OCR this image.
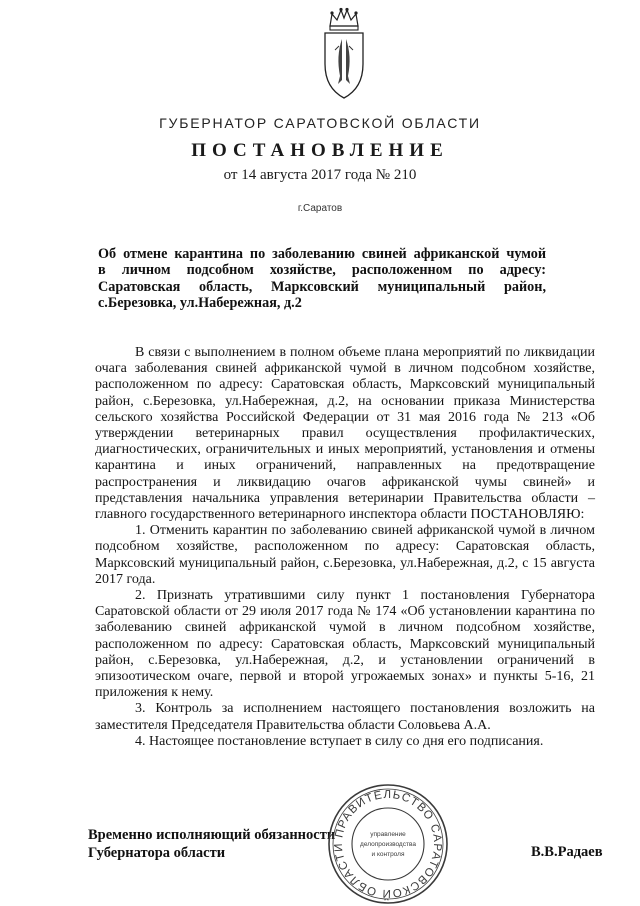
ГУБЕРНАТОР САРАТОВСКОЙ ОБЛАСТИ
ПОСТАНОВЛЕНИЕ
от 14 августа 2017 года № 210
г.Саратов
Об отмене карантина по заболеванию свиней африканской чумой
в личном подсобном хозяйстве, расположенном по адресу:
Саратовская область, Марксовский муниципальный район,
с.Березовка, ул.Набережная, д.2

В связи с выполнением в полном объеме плана мероприятий по ликвидации очага заболевания свиней африканской чумой в личном подсобном хозяйстве, расположенном по адресу: Саратовская область, Марксовский муниципальный район, с.Березовка, ул.Набережная, д.2, на основании приказа Министерства сельского хозяйства Российской Федерации от 31 мая 2016 года № 213 «Об утверждении ветеринарных правил осуществления профилактических, диагностических, ограничительных и иных мероприятий, установления и отмены карантина и иных ограничений, направленных на предотвращение распространения и ликвидацию очагов африканской чумы свиней» и представления начальника управления ветеринарии Правительства области – главного государственного ветеринарного инспектора области ПОСТАНОВЛЯЮ:

1. Отменить карантин по заболеванию свиней африканской чумой в личном подсобном хозяйстве, расположенном по адресу: Саратовская область, Марксовский муниципальный район, с.Березовка, ул.Набережная, д.2, с 15 августа 2017 года.

2. Признать утратившими силу пункт 1 постановления Губернатора Саратовской области от 29 июля 2017 года № 174 «Об установлении карантина по заболеванию свиней африканской чумой в личном подсобном хозяйстве, расположенном по адресу: Саратовская область, Марксовский муниципальный район, с.Березовка, ул.Набережная, д.2, и установлении ограничений в эпизоотическом очаге, первой и второй угрожаемых зонах» и пункты 5-16, 21 приложения к нему.

3. Контроль за исполнением настоящего постановления возложить на заместителя Председателя Правительства области Соловьева А.А.

4. Настоящее постановление вступает в силу со дня его подписания.

Временно исполняющий обязанности
Губернатора области	В.В.Радаев
ПРАВИТЕЛЬСТВО САРАТОВСКОЙ ОБЛАСТИ
управление
делопроизводства
и контроля
